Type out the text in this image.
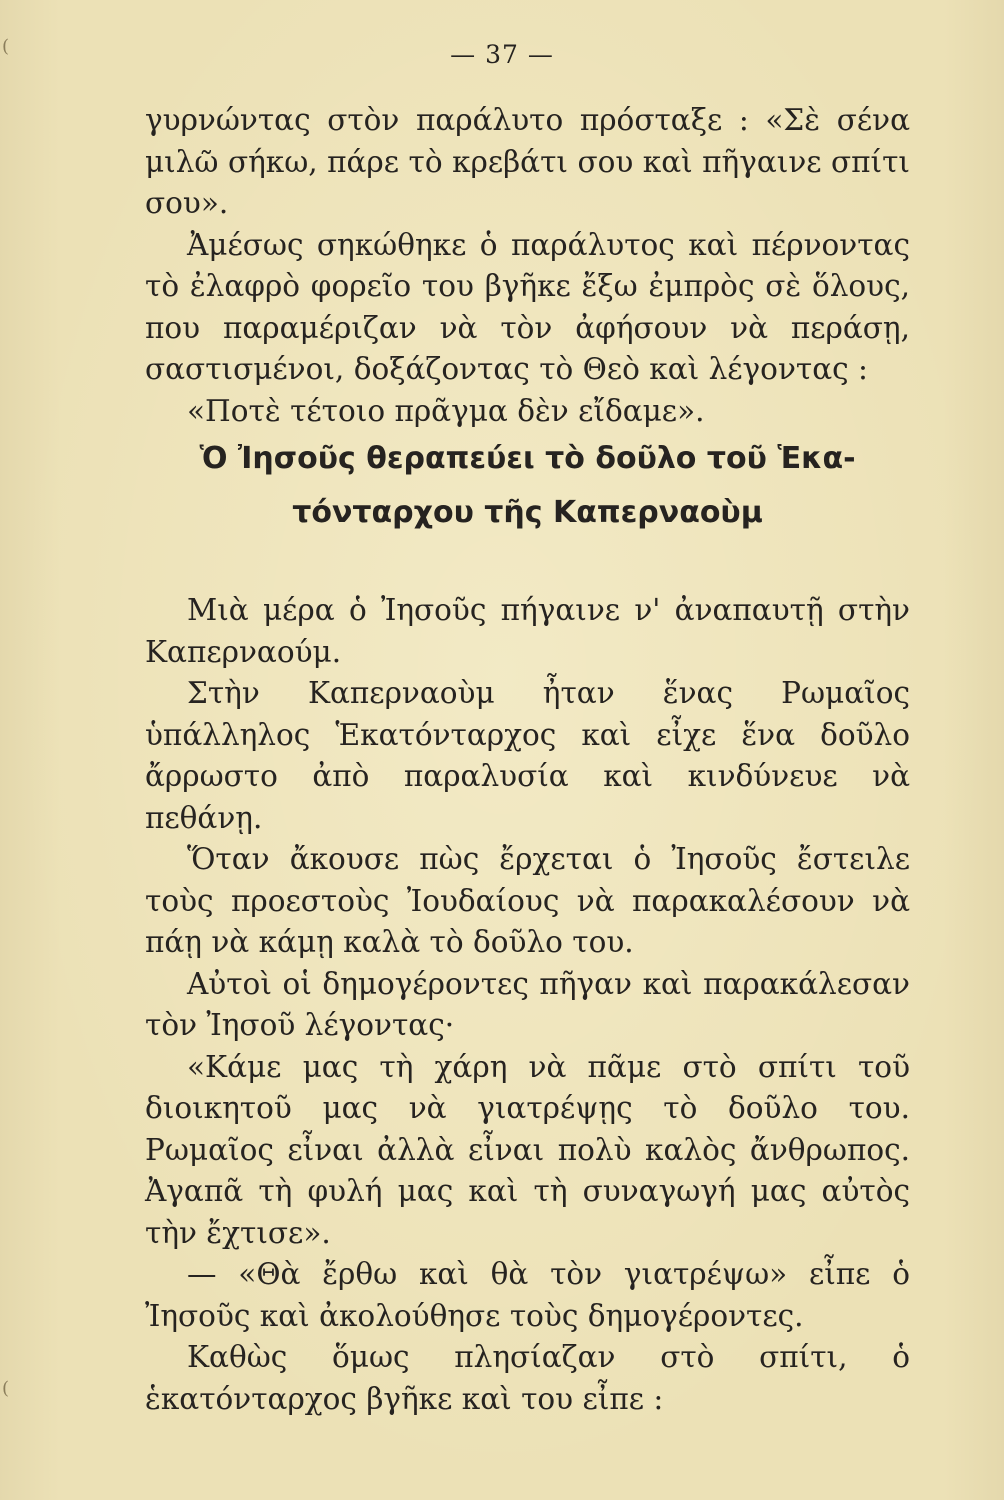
(
(
— 37 —

γυρνώντας στὸν παράλυτο πρόσταξε : «Σὲ σένα μιλῶ σήκω, πάρε τὸ κρεβάτι σου καὶ πῆγαινε σπίτι σου».

Ἀμέσως σηκώθηκε ὁ παράλυτος καὶ πέρνοντας τὸ ἐλαφρὸ φορεῖο του βγῆκε ἔξω ἐμπρὸς σὲ ὅλους, που παραμέριζαν νὰ τὸν ἀφήσουν νὰ περάσῃ, σαστισμένοι, δοξάζοντας τὸ Θεὸ καὶ λέγοντας :

«Ποτὲ τέτοιο πρᾶγμα δὲν εἴδαμε».

Ὁ Ἰησοῦς θεραπεύει τὸ δοῦλο τοῦ Ἑκα-
τόνταρχου τῆς Καπερναοὺμ

Μιὰ μέρα ὁ Ἰησοῦς πήγαινε ν' ἀναπαυτῇ στὴν Καπερναούμ.

Στὴν Καπερναοὺμ ἦταν ἕνας Ρωμαῖος ὑπάλληλος Ἑκατόνταρχος καὶ εἶχε ἕνα δοῦλο ἄρρωστο ἀπὸ παραλυσία καὶ κινδύνευε νὰ πεθάνῃ.

Ὅταν ἄκουσε πὼς ἔρχεται ὁ Ἰησοῦς ἔστειλε τοὺς προεστοὺς Ἰουδαίους νὰ παρακαλέσουν νὰ πάῃ νὰ κάμῃ καλὰ τὸ δοῦλο του.

Αὐτοὶ οἱ δημογέροντες πῆγαν καὶ παρακάλεσαν τὸν Ἰησοῦ λέγοντας·

«Κάμε μας τὴ χάρη νὰ πᾶμε στὸ σπίτι τοῦ διοικητοῦ μας νὰ γιατρέψῃς τὸ δοῦλο του. Ρωμαῖος εἶναι ἀλλὰ εἶναι πολὺ καλὸς ἄνθρωπος. Ἀγαπᾶ τὴ φυλή μας καὶ τὴ συναγωγή μας αὐτὸς τὴν ἔχτισε».

— «Θὰ ἔρθω καὶ θὰ τὸν γιατρέψω» εἶπε ὁ Ἰησοῦς καὶ ἀκολούθησε τοὺς δημογέροντες.

Καθὼς ὅμως πλησίαζαν στὸ σπίτι, ὁ ἑκατόνταρχος βγῆκε καὶ του εἶπε :
